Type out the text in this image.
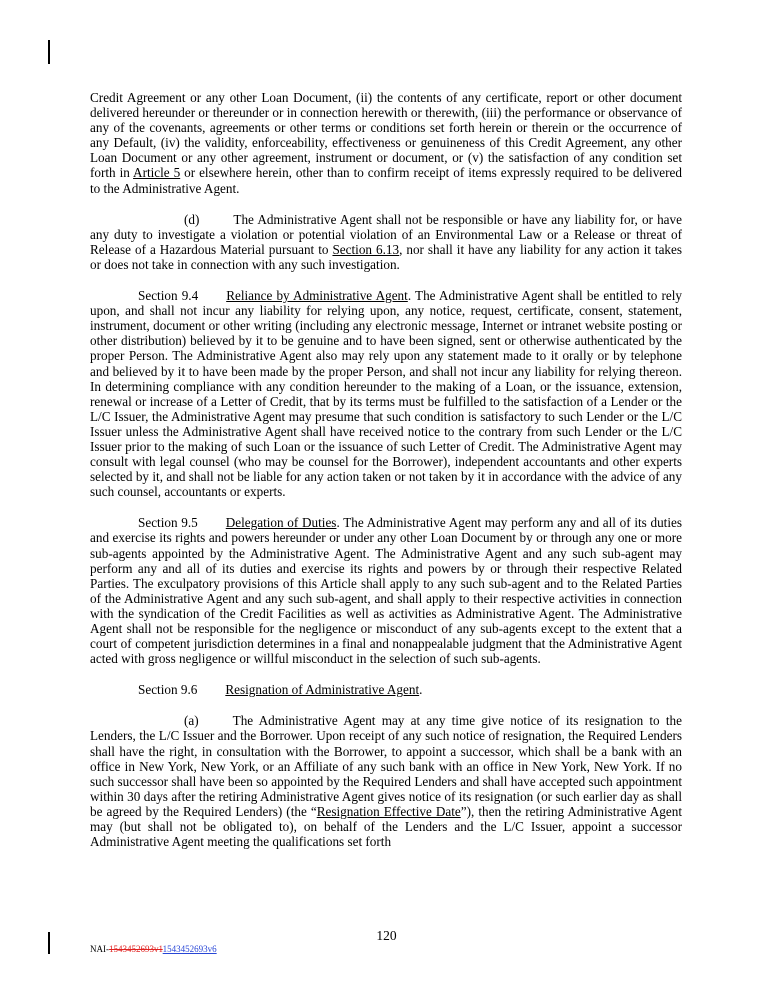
Credit Agreement or any other Loan Document, (ii) the contents of any certificate, report or other document delivered hereunder or thereunder or in connection herewith or therewith, (iii) the performance or observance of any of the covenants, agreements or other terms or conditions set forth herein or therein or the occurrence of any Default, (iv) the validity, enforceability, effectiveness or genuineness of this Credit Agreement, any other Loan Document or any other agreement, instrument or document, or (v) the satisfaction of any condition set forth in Article 5 or elsewhere herein, other than to confirm receipt of items expressly required to be delivered to the Administrative Agent.

(d)	The Administrative Agent shall not be responsible or have any liability for, or have any duty to investigate a violation or potential violation of an Environmental Law or a Release or threat of Release of a Hazardous Material pursuant to Section 6.13, nor shall it have any liability for any action it takes or does not take in connection with any such investigation.

Section 9.4 Reliance by Administrative Agent. The Administrative Agent shall be entitled to rely upon, and shall not incur any liability for relying upon, any notice, request, certificate, consent, statement, instrument, document or other writing (including any electronic message, Internet or intranet website posting or other distribution) believed by it to be genuine and to have been signed, sent or otherwise authenticated by the proper Person. The Administrative Agent also may rely upon any statement made to it orally or by telephone and believed by it to have been made by the proper Person, and shall not incur any liability for relying thereon. In determining compliance with any condition hereunder to the making of a Loan, or the issuance, extension, renewal or increase of a Letter of Credit, that by its terms must be fulfilled to the satisfaction of a Lender or the L/C Issuer, the Administrative Agent may presume that such condition is satisfactory to such Lender or the L/C Issuer unless the Administrative Agent shall have received notice to the contrary from such Lender or the L/C Issuer prior to the making of such Loan or the issuance of such Letter of Credit. The Administrative Agent may consult with legal counsel (who may be counsel for the Borrower), independent accountants and other experts selected by it, and shall not be liable for any action taken or not taken by it in accordance with the advice of any such counsel, accountants or experts.

Section 9.5 Delegation of Duties. The Administrative Agent may perform any and all of its duties and exercise its rights and powers hereunder or under any other Loan Document by or through any one or more sub-agents appointed by the Administrative Agent. The Administrative Agent and any such sub-agent may perform any and all of its duties and exercise its rights and powers by or through their respective Related Parties. The exculpatory provisions of this Article shall apply to any such sub-agent and to the Related Parties of the Administrative Agent and any such sub-agent, and shall apply to their respective activities in connection with the syndication of the Credit Facilities as well as activities as Administrative Agent. The Administrative Agent shall not be responsible for the negligence or misconduct of any sub-agents except to the extent that a court of competent jurisdiction determines in a final and nonappealable judgment that the Administrative Agent acted with gross negligence or willful misconduct in the selection of such sub-agents.

Section 9.6 Resignation of Administrative Agent.

(a)	The Administrative Agent may at any time give notice of its resignation to the Lenders, the L/C Issuer and the Borrower. Upon receipt of any such notice of resignation, the Required Lenders shall have the right, in consultation with the Borrower, to appoint a successor, which shall be a bank with an office in New York, New York, or an Affiliate of any such bank with an office in New York, New York. If no such successor shall have been so appointed by the Required Lenders and shall have accepted such appointment within 30 days after the retiring Administrative Agent gives notice of its resignation (or such earlier day as shall be agreed by the Required Lenders) (the “Resignation Effective Date”), then the retiring Administrative Agent may (but shall not be obligated to), on behalf of the Lenders and the L/C Issuer, appoint a successor Administrative Agent meeting the qualifications set forth

120
NAI-1543452693v11543452693v6
